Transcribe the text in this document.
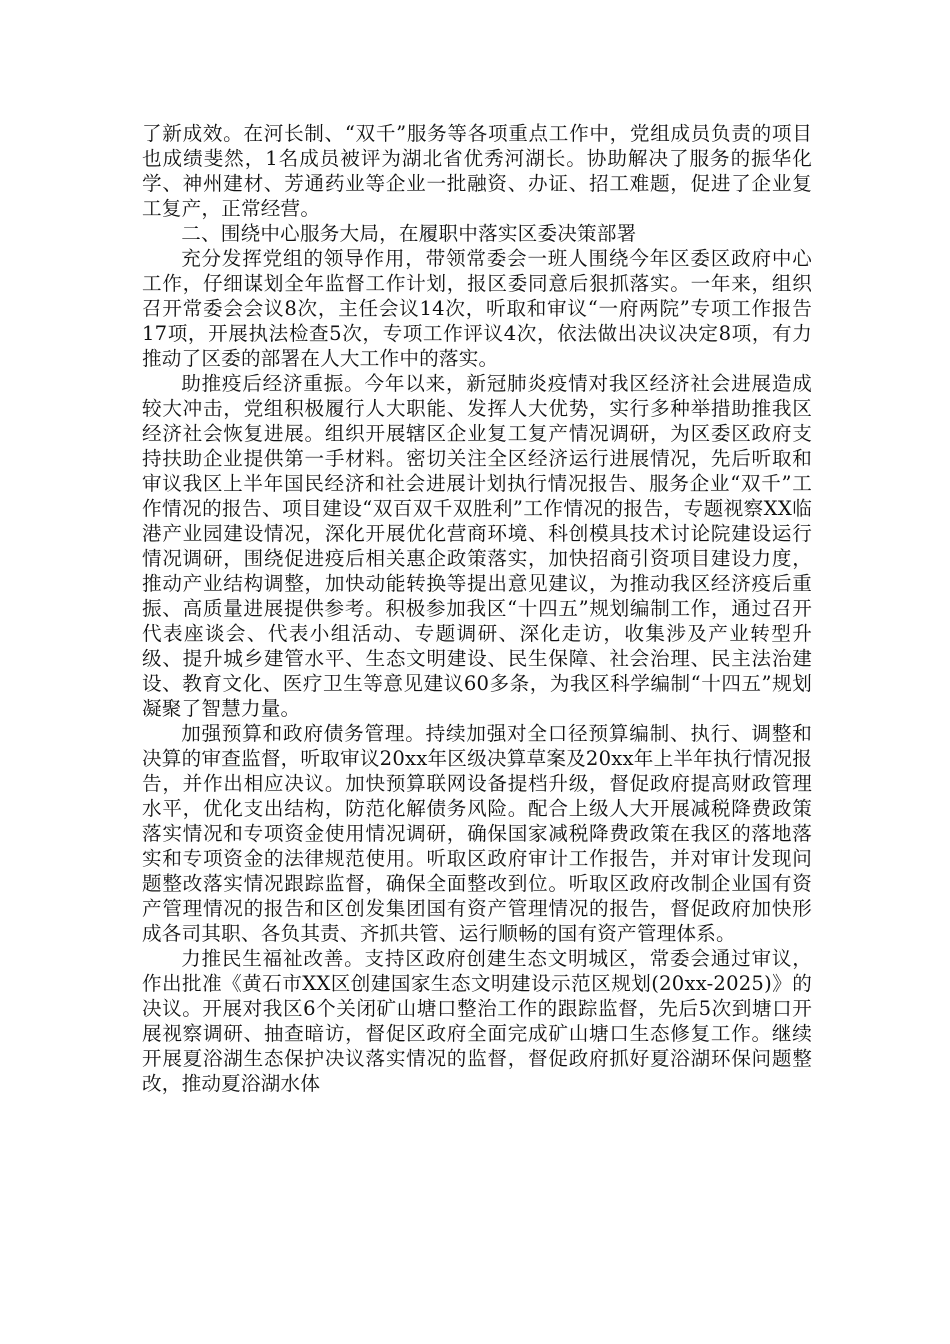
了新成效。在河长制、“双千”服务等各项重点工作中，党组成员负责的项目也成绩斐然，1名成员被评为湖北省优秀河湖长。协助解决了服务的振华化学、神州建材、芳通药业等企业一批融资、办证、招工难题，促进了企业复工复产，正常经营。

二、围绕中心服务大局，在履职中落实区委决策部署

充分发挥党组的领导作用，带领常委会一班人围绕今年区委区政府中心工作，仔细谋划全年监督工作计划，报区委同意后狠抓落实。一年来，组织召开常委会会议8次，主任会议14次，听取和审议“一府两院”专项工作报告17项，开展执法检查5次，专项工作评议4次，依法做出决议决定8项，有力推动了区委的部署在人大工作中的落实。

助推疫后经济重振。今年以来，新冠肺炎疫情对我区经济社会进展造成较大冲击，党组积极履行人大职能、发挥人大优势，实行多种举措助推我区经济社会恢复进展。组织开展辖区企业复工复产情况调研，为区委区政府支持扶助企业提供第一手材料。密切关注全区经济运行进展情况，先后听取和审议我区上半年国民经济和社会进展计划执行情况报告、服务企业“双千”工作情况的报告、项目建设“双百双千双胜利”工作情况的报告，专题视察XX临港产业园建设情况，深化开展优化营商环境、科创模具技术讨论院建设运行情况调研，围绕促进疫后相关惠企政策落实，加快招商引资项目建设力度，推动产业结构调整，加快动能转换等提出意见建议，为推动我区经济疫后重振、高质量进展提供参考。积极参加我区“十四五”规划编制工作，通过召开代表座谈会、代表小组活动、专题调研、深化走访，收集涉及产业转型升级、提升城乡建管水平、生态文明建设、民生保障、社会治理、民主法治建设、教育文化、医疗卫生等意见建议60多条，为我区科学编制“十四五”规划凝聚了智慧力量。

加强预算和政府债务管理。持续加强对全口径预算编制、执行、调整和决算的审查监督，听取审议20xx年区级决算草案及20xx年上半年执行情况报告，并作出相应决议。加快预算联网设备提档升级，督促政府提高财政管理水平，优化支出结构，防范化解债务风险。配合上级人大开展减税降费政策落实情况和专项资金使用情况调研，确保国家减税降费政策在我区的落地落实和专项资金的法律规范使用。听取区政府审计工作报告，并对审计发现问题整改落实情况跟踪监督，确保全面整改到位。听取区政府改制企业国有资产管理情况的报告和区创发集团国有资产管理情况的报告，督促政府加快形成各司其职、各负其责、齐抓共管、运行顺畅的国有资产管理体系。

力推民生福祉改善。支持区政府创建生态文明城区，常委会通过审议，作出批准《黄石市XX区创建国家生态文明建设示范区规划(20xx-2025)》的决议。开展对我区6个关闭矿山塘口整治工作的跟踪监督，先后5次到塘口开展视察调研、抽查暗访，督促区政府全面完成矿山塘口生态修复工作。继续开展夏浴湖生态保护决议落实情况的监督，督促政府抓好夏浴湖环保问题整改，推动夏浴湖水体
